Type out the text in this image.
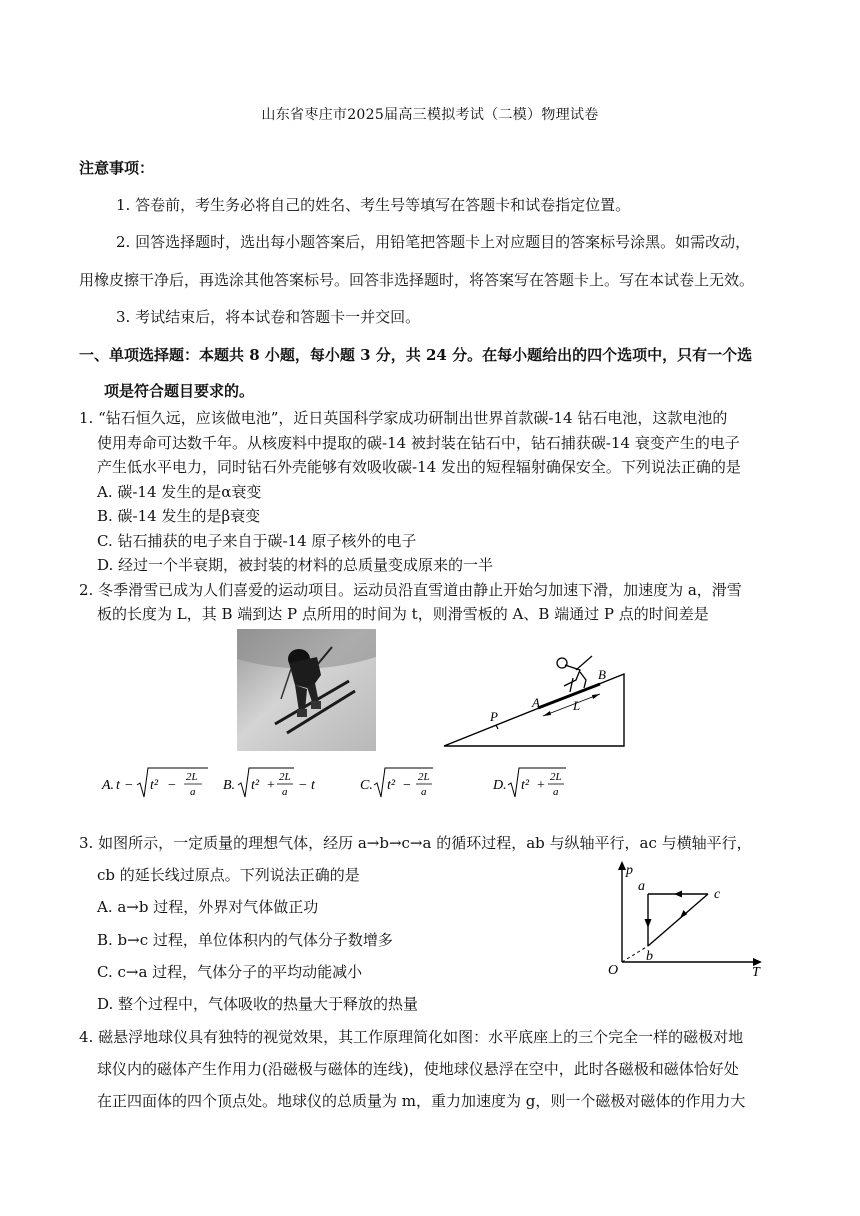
山东省枣庄市2025届高三模拟考试（二模）物理试卷
注意事项：
1. 答卷前，考生务必将自己的姓名、考生号等填写在答题卡和试卷指定位置。
2. 回答选择题时，选出每小题答案后，用铅笔把答题卡上对应题目的答案标号涂黑。如需改动，
用橡皮擦干净后，再选涂其他答案标号。回答非选择题时，将答案写在答题卡上。写在本试卷上无效。
3. 考试结束后，将本试卷和答题卡一并交回。
一、单项选择题：本题共 8 小题，每小题 3 分，共 24 分。在每小题给出的四个选项中，只有一个选
项是符合题目要求的。
1. “钻石恒久远，应该做电池”，近日英国科学家成功研制出世界首款碳-14 钻石电池，这款电池的
使用寿命可达数千年。从核废料中提取的碳-14 被封装在钻石中，钻石捕获碳-14 衰变产生的电子
产生低水平电力，同时钻石外壳能够有效吸收碳-14 发出的短程辐射确保安全。下列说法正确的是
A. 碳-14 发生的是α衰变
B. 碳-14 发生的是β衰变
C. 钻石捕获的电子来自于碳-14 原子核外的电子
D. 经过一个半衰期，被封装的材料的总质量变成原来的一半
2. 冬季滑雪已成为人们喜爱的运动项目。运动员沿直雪道由静止开始匀加速下滑，加速度为 a，滑雪
板的长度为 L，其 B 端到达 P 点所用的时间为 t，则滑雪板的 A、B 端通过 P 点的时间差是
A
B
L
P
A. t − t² −
2L
a B. t² +
2L
a − t	C. t² −
2L
a	D. t² +
2L
a
3. 如图所示，一定质量的理想气体，经历 a→b→c→a 的循环过程，ab 与纵轴平行，ac 与横轴平行，
cb 的延长线过原点。下列说法正确的是
A. a→b 过程，外界对气体做正功
B. b→c 过程，单位体积内的气体分子数增多
C. c→a 过程，气体分子的平均动能减小
D. 整个过程中，气体吸收的热量大于释放的热量
p
T
O
a
b
c
4. 磁悬浮地球仪具有独特的视觉效果，其工作原理简化如图：水平底座上的三个完全一样的磁极对地
球仪内的磁体产生作用力(沿磁极与磁体的连线)，使地球仪悬浮在空中，此时各磁极和磁体恰好处
在正四面体的四个顶点处。地球仪的总质量为 m，重力加速度为 g，则一个磁极对磁体的作用力大
